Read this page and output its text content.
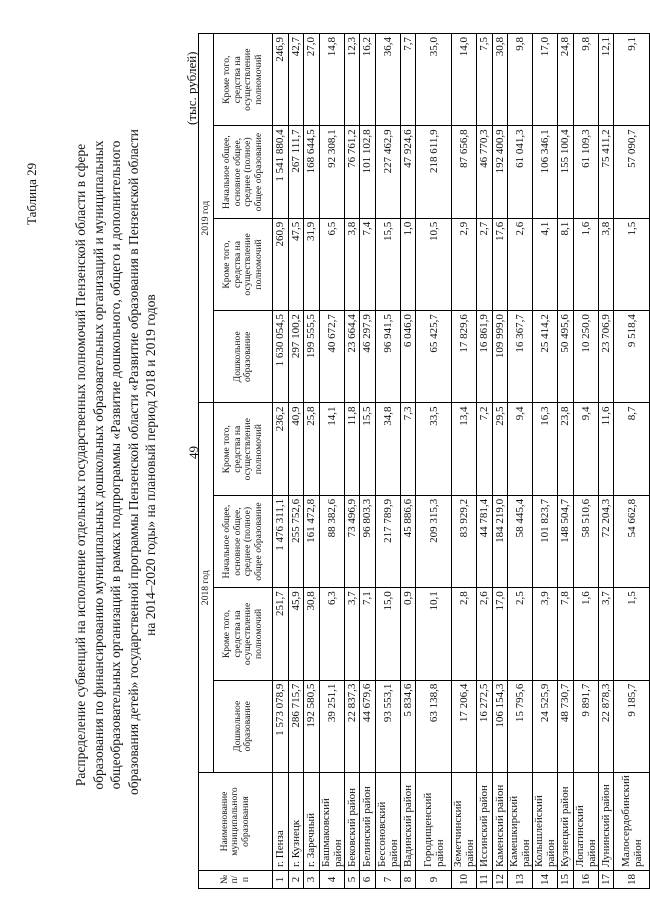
Таблица 29	Распределение субвенций на исполнение отдельных государственных полномочий Пензенской области в сфере образования по финансированию муниципальных дошкольных образовательных организаций и муниципальных общеобразовательных организаций в рамках подпрограммы «Развитие дошкольного, общего и дополнительного образования детей» государственной программы Пензенской области «Развитие образования в Пензенской области на 2014–2020 годы» на плановый период 2018 и 2019 годов 49
(тыс. рублей)
№ п/п	Наименование муниципального образования	2018 год				2019 год			
		Дошкольное образование	Кроме того, средства на осуществление полномочий	Начальное общее, основное общее, среднее (полное) общее образование	Кроме того, средства на осуществление полномочий	Дошкольное образование	Кроме того, средства на осуществление полномочий	Начальное общее, основное общее, среднее (полное) общее образование	Кроме того, средства на осуществление полномочий
1	г. Пенза	1 573 078,9	251,7	1 476 311,1	236,2	1 630 054,5	260,9	1 541 880,4	246,9
2	г. Кузнецк	286 715,7	45,9	255 752,6	40,9	297 100,2	47,5	267 111,7	42,7
3	г. Заречный	192 580,5	30,8	161 472,8	25,8	199 555,5	31,9	168 644,5	27,0
4	Башмаковский район	39 251,1	6,3	88 382,6	14,1	40 672,7	6,5	92 308,1	14,8
5	Бековский район	22 837,3	3,7	73 496,9	11,8	23 664,4	3,8	76 761,2	12,3
6	Белинский район	44 679,6	7,1	96 803,3	15,5	46 297,9	7,4	101 102,8	16,2
7	Бессоновский район	93 553,1	15,0	217 789,9	34,8	96 941,5	15,5	227 462,9	36,4
8	Вадинский район	5 834,6	0,9	45 886,6	7,3	6 046,0	1,0	47 924,6	7,7
9	Городищенский район	63 138,8	10,1	209 315,3	33,5	65 425,7	10,5	218 611,9	35,0
10	Земетчинский район	17 206,4	2,8	83 929,2	13,4	17 829,6	2,9	87 656,8	14,0
11	Иссинский район	16 272,5	2,6	44 781,4	7,2	16 861,9	2,7	46 770,3	7,5
12	Каменский район	106 154,3	17,0	184 219,0	29,5	109 999,0	17,6	192 400,9	30,8
13	Камешкирский район	15 795,6	2,5	58 445,4	9,4	16 367,7	2,6	61 041,3	9,8
14	Колышлейский район	24 525,9	3,9	101 823,7	16,3	25 414,2	4,1	106 346,1	17,0
15	Кузнецкий район	48 730,7	7,8	148 504,7	23,8	50 495,6	8,1	155 100,4	24,8
16	Лопатинский район	9 891,7	1,6	58 510,6	9,4	10 250,0	1,6	61 109,3	9,8
17	Лунинский район	22 878,3	3,7	72 204,3	11,6	23 706,9	3,8	75 411,2	12,1
18	Малосердобинский район	9 185,7	1,5	54 662,8	8,7	9 518,4	1,5	57 090,7	9,1
